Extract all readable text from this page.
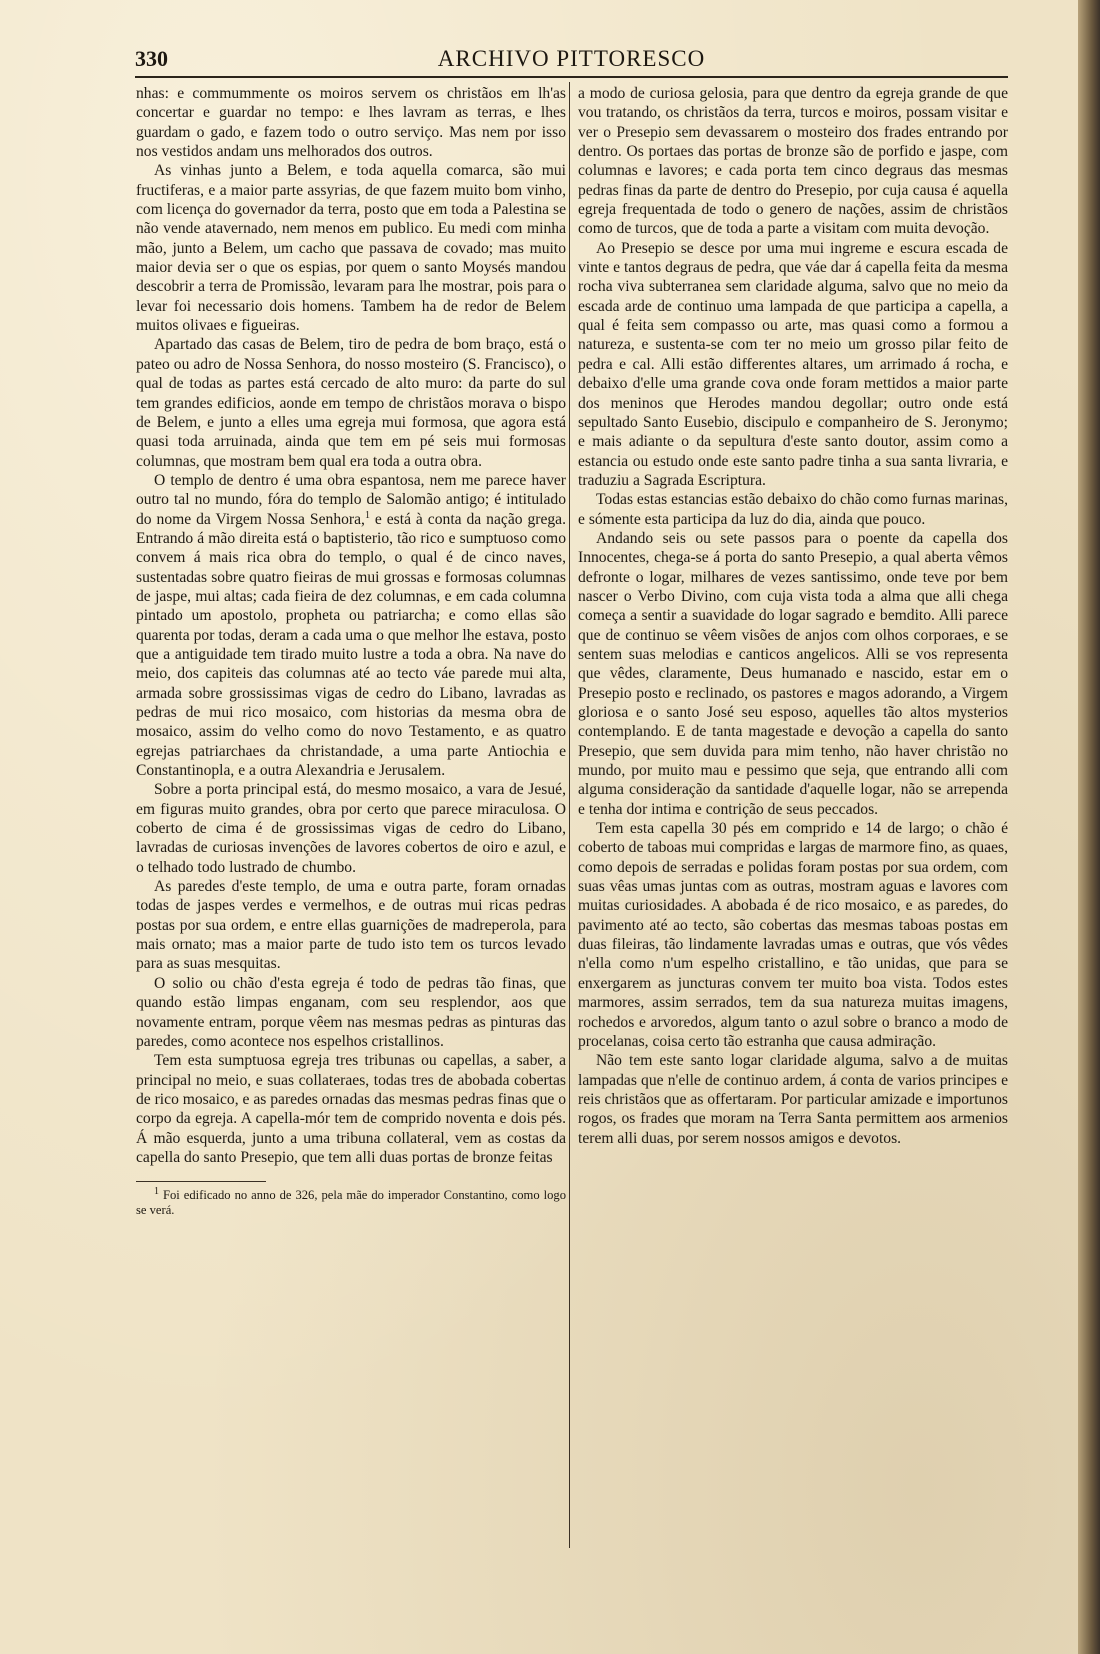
330	ARCHIVO PITTORESCO

nhas: e commummente os moiros servem os christãos em lh'as concertar e guardar no tempo: e lhes lavram as terras, e lhes guardam o gado, e fazem todo o outro serviço. Mas nem por isso nos vestidos andam uns melhorados dos outros.

As vinhas junto a Belem, e toda aquella comarca, são mui fructiferas, e a maior parte assyrias, de que fazem muito bom vinho, com licença do governador da terra, posto que em toda a Palestina se não vende atavernado, nem menos em publico. Eu medi com minha mão, junto a Belem, um cacho que passava de covado; mas muito maior devia ser o que os espias, por quem o santo Moysés mandou descobrir a terra de Promissão, levaram para lhe mostrar, pois para o levar foi necessario dois homens. Tambem ha de redor de Belem muitos olivaes e figueiras.

Apartado das casas de Belem, tiro de pedra de bom braço, está o pateo ou adro de Nossa Senhora, do nosso mosteiro (S. Francisco), o qual de todas as partes está cercado de alto muro: da parte do sul tem grandes edificios, aonde em tempo de christãos morava o bispo de Belem, e junto a elles uma egreja mui formosa, que agora está quasi toda arruinada, ainda que tem em pé seis mui formosas columnas, que mostram bem qual era toda a outra obra.

O templo de dentro é uma obra espantosa, nem me parece haver outro tal no mundo, fóra do templo de Salomão antigo; é intitulado do nome da Virgem Nossa Senhora,$^1$ e está à conta da nação grega. Entrando á mão direita está o baptisterio, tão rico e sumptuoso como convem á mais rica obra do templo, o qual é de cinco naves, sustentadas sobre quatro fieiras de mui grossas e formosas columnas de jaspe, mui altas; cada fieira de dez columnas, e em cada columna pintado um apostolo, propheta ou patriarcha; e como ellas são quarenta por todas, deram a cada uma o que melhor lhe estava, posto que a antiguidade tem tirado muito lustre a toda a obra. Na nave do meio, dos capiteis das columnas até ao tecto váe parede mui alta, armada sobre grossissimas vigas de cedro do Libano, lavradas as pedras de mui rico mosaico, com historias da mesma obra de mosaico, assim do velho como do novo Testamento, e as quatro egrejas patriarchaes da christandade, a uma parte Antiochia e Constantinopla, e a outra Alexandria e Jerusalem.

Sobre a porta principal está, do mesmo mosaico, a vara de Jesué, em figuras muito grandes, obra por certo que parece miraculosa. O coberto de cima é de grossissimas vigas de cedro do Libano, lavradas de curiosas invenções de lavores cobertos de oiro e azul, e o telhado todo lustrado de chumbo.

As paredes d'este templo, de uma e outra parte, foram ornadas todas de jaspes verdes e vermelhos, e de outras mui ricas pedras postas por sua ordem, e entre ellas guarnições de madreperola, para mais ornato; mas a maior parte de tudo isto tem os turcos levado para as suas mesquitas.

O solio ou chão d'esta egreja é todo de pedras tão finas, que quando estão limpas enganam, com seu resplendor, aos que novamente entram, porque vêem nas mesmas pedras as pinturas das paredes, como acontece nos espelhos cristallinos.

Tem esta sumptuosa egreja tres tribunas ou capellas, a saber, a principal no meio, e suas collateraes, todas tres de abobada cobertas de rico mosaico, e as paredes ornadas das mesmas pedras finas que o corpo da egreja. A capella-mór tem de comprido noventa e dois pés. Á mão esquerda, junto a uma tribuna collateral, vem as costas da capella do santo Presepio, que tem alli duas portas de bronze feitas

$^1$ Foi edificado no anno de 326, pela mãe do imperador Constantino, como logo se verá.

a modo de curiosa gelosia, para que dentro da egreja grande de que vou tratando, os christãos da terra, turcos e moiros, possam visitar e ver o Presepio sem devassarem o mosteiro dos frades entrando por dentro. Os portaes das portas de bronze são de porfido e jaspe, com columnas e lavores; e cada porta tem cinco degraus das mesmas pedras finas da parte de dentro do Presepio, por cuja causa é aquella egreja frequentada de todo o genero de nações, assim de christãos como de turcos, que de toda a parte a visitam com muita devoção.

Ao Presepio se desce por uma mui ingreme e escura escada de vinte e tantos degraus de pedra, que váe dar á capella feita da mesma rocha viva subterranea sem claridade alguma, salvo que no meio da escada arde de continuo uma lampada de que participa a capella, a qual é feita sem compasso ou arte, mas quasi como a formou a natureza, e sustenta-se com ter no meio um grosso pilar feito de pedra e cal. Alli estão differentes altares, um arrimado á rocha, e debaixo d'elle uma grande cova onde foram mettidos a maior parte dos meninos que Herodes mandou degollar; outro onde está sepultado Santo Eusebio, discipulo e companheiro de S. Jeronymo; e mais adiante o da sepultura d'este santo doutor, assim como a estancia ou estudo onde este santo padre tinha a sua santa livraria, e traduziu a Sagrada Escriptura.

Todas estas estancias estão debaixo do chão como furnas marinas, e sómente esta participa da luz do dia, ainda que pouco.

Andando seis ou sete passos para o poente da capella dos Innocentes, chega-se á porta do santo Presepio, a qual aberta vêmos defronte o logar, milhares de vezes santissimo, onde teve por bem nascer o Verbo Divino, com cuja vista toda a alma que alli chega começa a sentir a suavidade do logar sagrado e bemdito. Alli parece que de continuo se vêem visões de anjos com olhos corporaes, e se sentem suas melodias e canticos angelicos. Alli se vos representa que vêdes, claramente, Deus humanado e nascido, estar em o Presepio posto e reclinado, os pastores e magos adorando, a Virgem gloriosa e o santo José seu esposo, aquelles tão altos mysterios contemplando. E de tanta magestade e devoção a capella do santo Presepio, que sem duvida para mim tenho, não haver christão no mundo, por muito mau e pessimo que seja, que entrando alli com alguma consideração da santidade d'aquelle logar, não se arrependa e tenha dor intima e contrição de seus peccados.

Tem esta capella 30 pés em comprido e 14 de largo; o chão é coberto de taboas mui compridas e largas de marmore fino, as quaes, como depois de serradas e polidas foram postas por sua ordem, com suas vêas umas juntas com as outras, mostram aguas e lavores com muitas curiosidades. A abobada é de rico mosaico, e as paredes, do pavimento até ao tecto, são cobertas das mesmas taboas postas em duas fileiras, tão lindamente lavradas umas e outras, que vós vêdes n'ella como n'um espelho cristallino, e tão unidas, que para se enxergarem as juncturas convem ter muito boa vista. Todos estes marmores, assim serrados, tem da sua natureza muitas imagens, rochedos e arvoredos, algum tanto o azul sobre o branco a modo de procelanas, coisa certo tão estranha que causa admiração.

Não tem este santo logar claridade alguma, salvo a de muitas lampadas que n'elle de continuo ardem, á conta de varios principes e reis christãos que as offertaram. Por particular amizade e importunos rogos, os frades que moram na Terra Santa permittem aos armenios terem alli duas, por serem nossos amigos e devotos.
